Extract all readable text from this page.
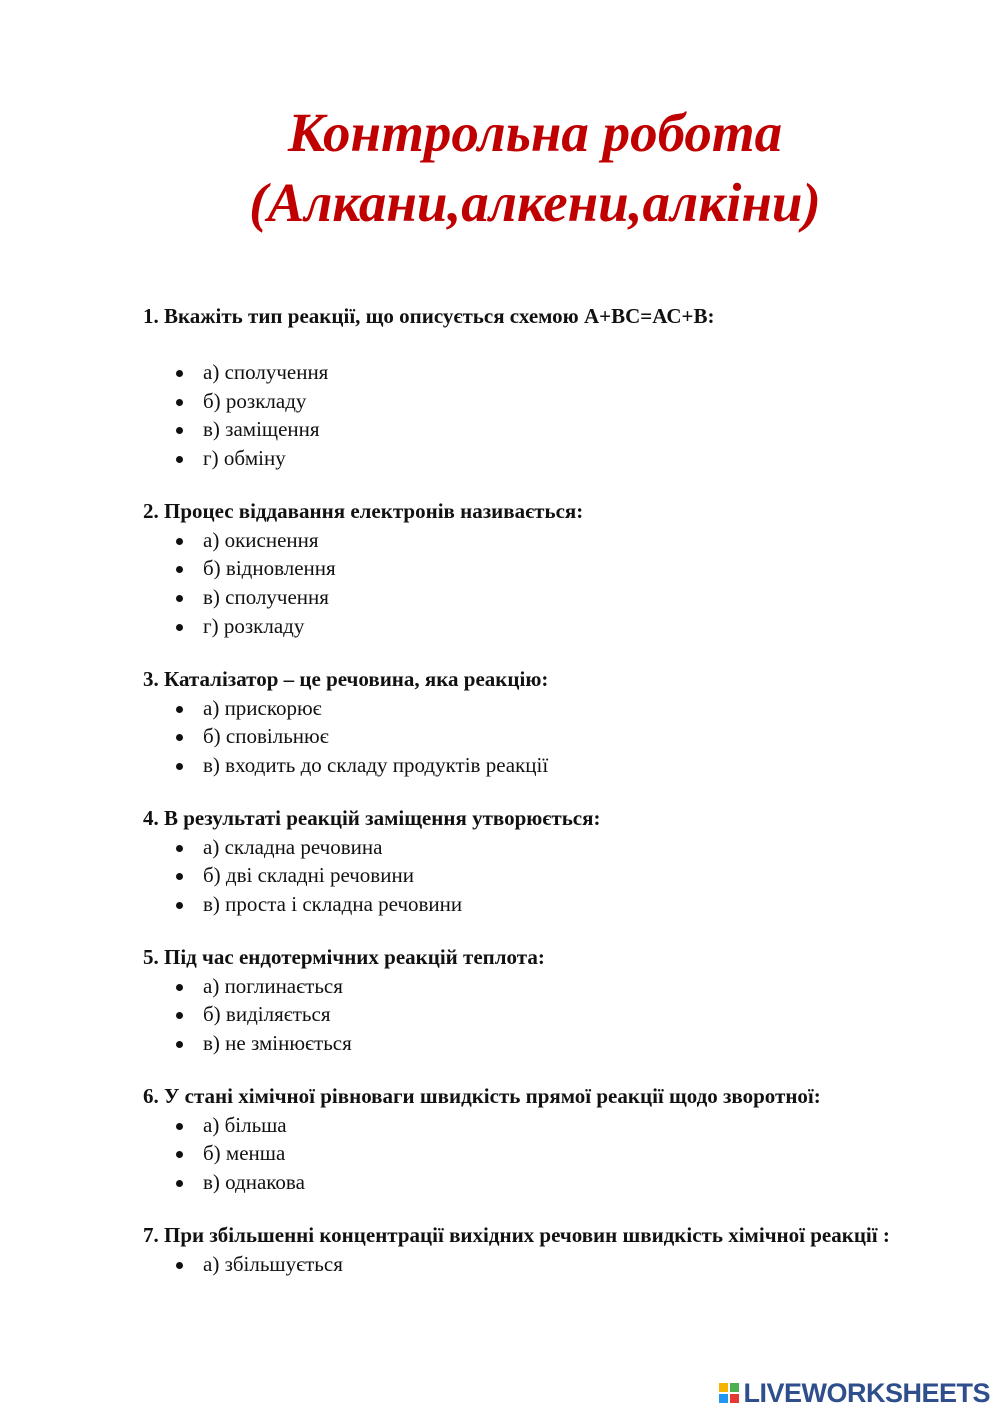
Контрольна робота
(Алкани,алкени,алкіни)

1. Вкажіть тип реакції, що описується схемою А+ВС=АС+В:

а) сполучення
б) розкладу
в) заміщення
г) обміну

2. Процес віддавання електронів називається:

а) окиснення
б) відновлення
в) сполучення
г) розкладу

3. Каталізатор – це речовина, яка реакцію:

а) прискорює
б) сповільнює
в) входить до складу продуктів реакції

4. В результаті реакцій заміщення утворюється:

а) складна речовина
б) дві складні речовини
в) проста і складна речовини

5. Під час ендотермічних реакцій теплота:

а) поглинається
б) виділяється
в) не змінюється

6. У стані хімічної рівноваги швидкість прямої реакції щодо зворотної:

а) більша
б) менша
в) однакова

7. При збільшенні концентрації вихідних речовин швидкість хімічної реакції :

а) збільшується
LIVEWORKSHEETS
